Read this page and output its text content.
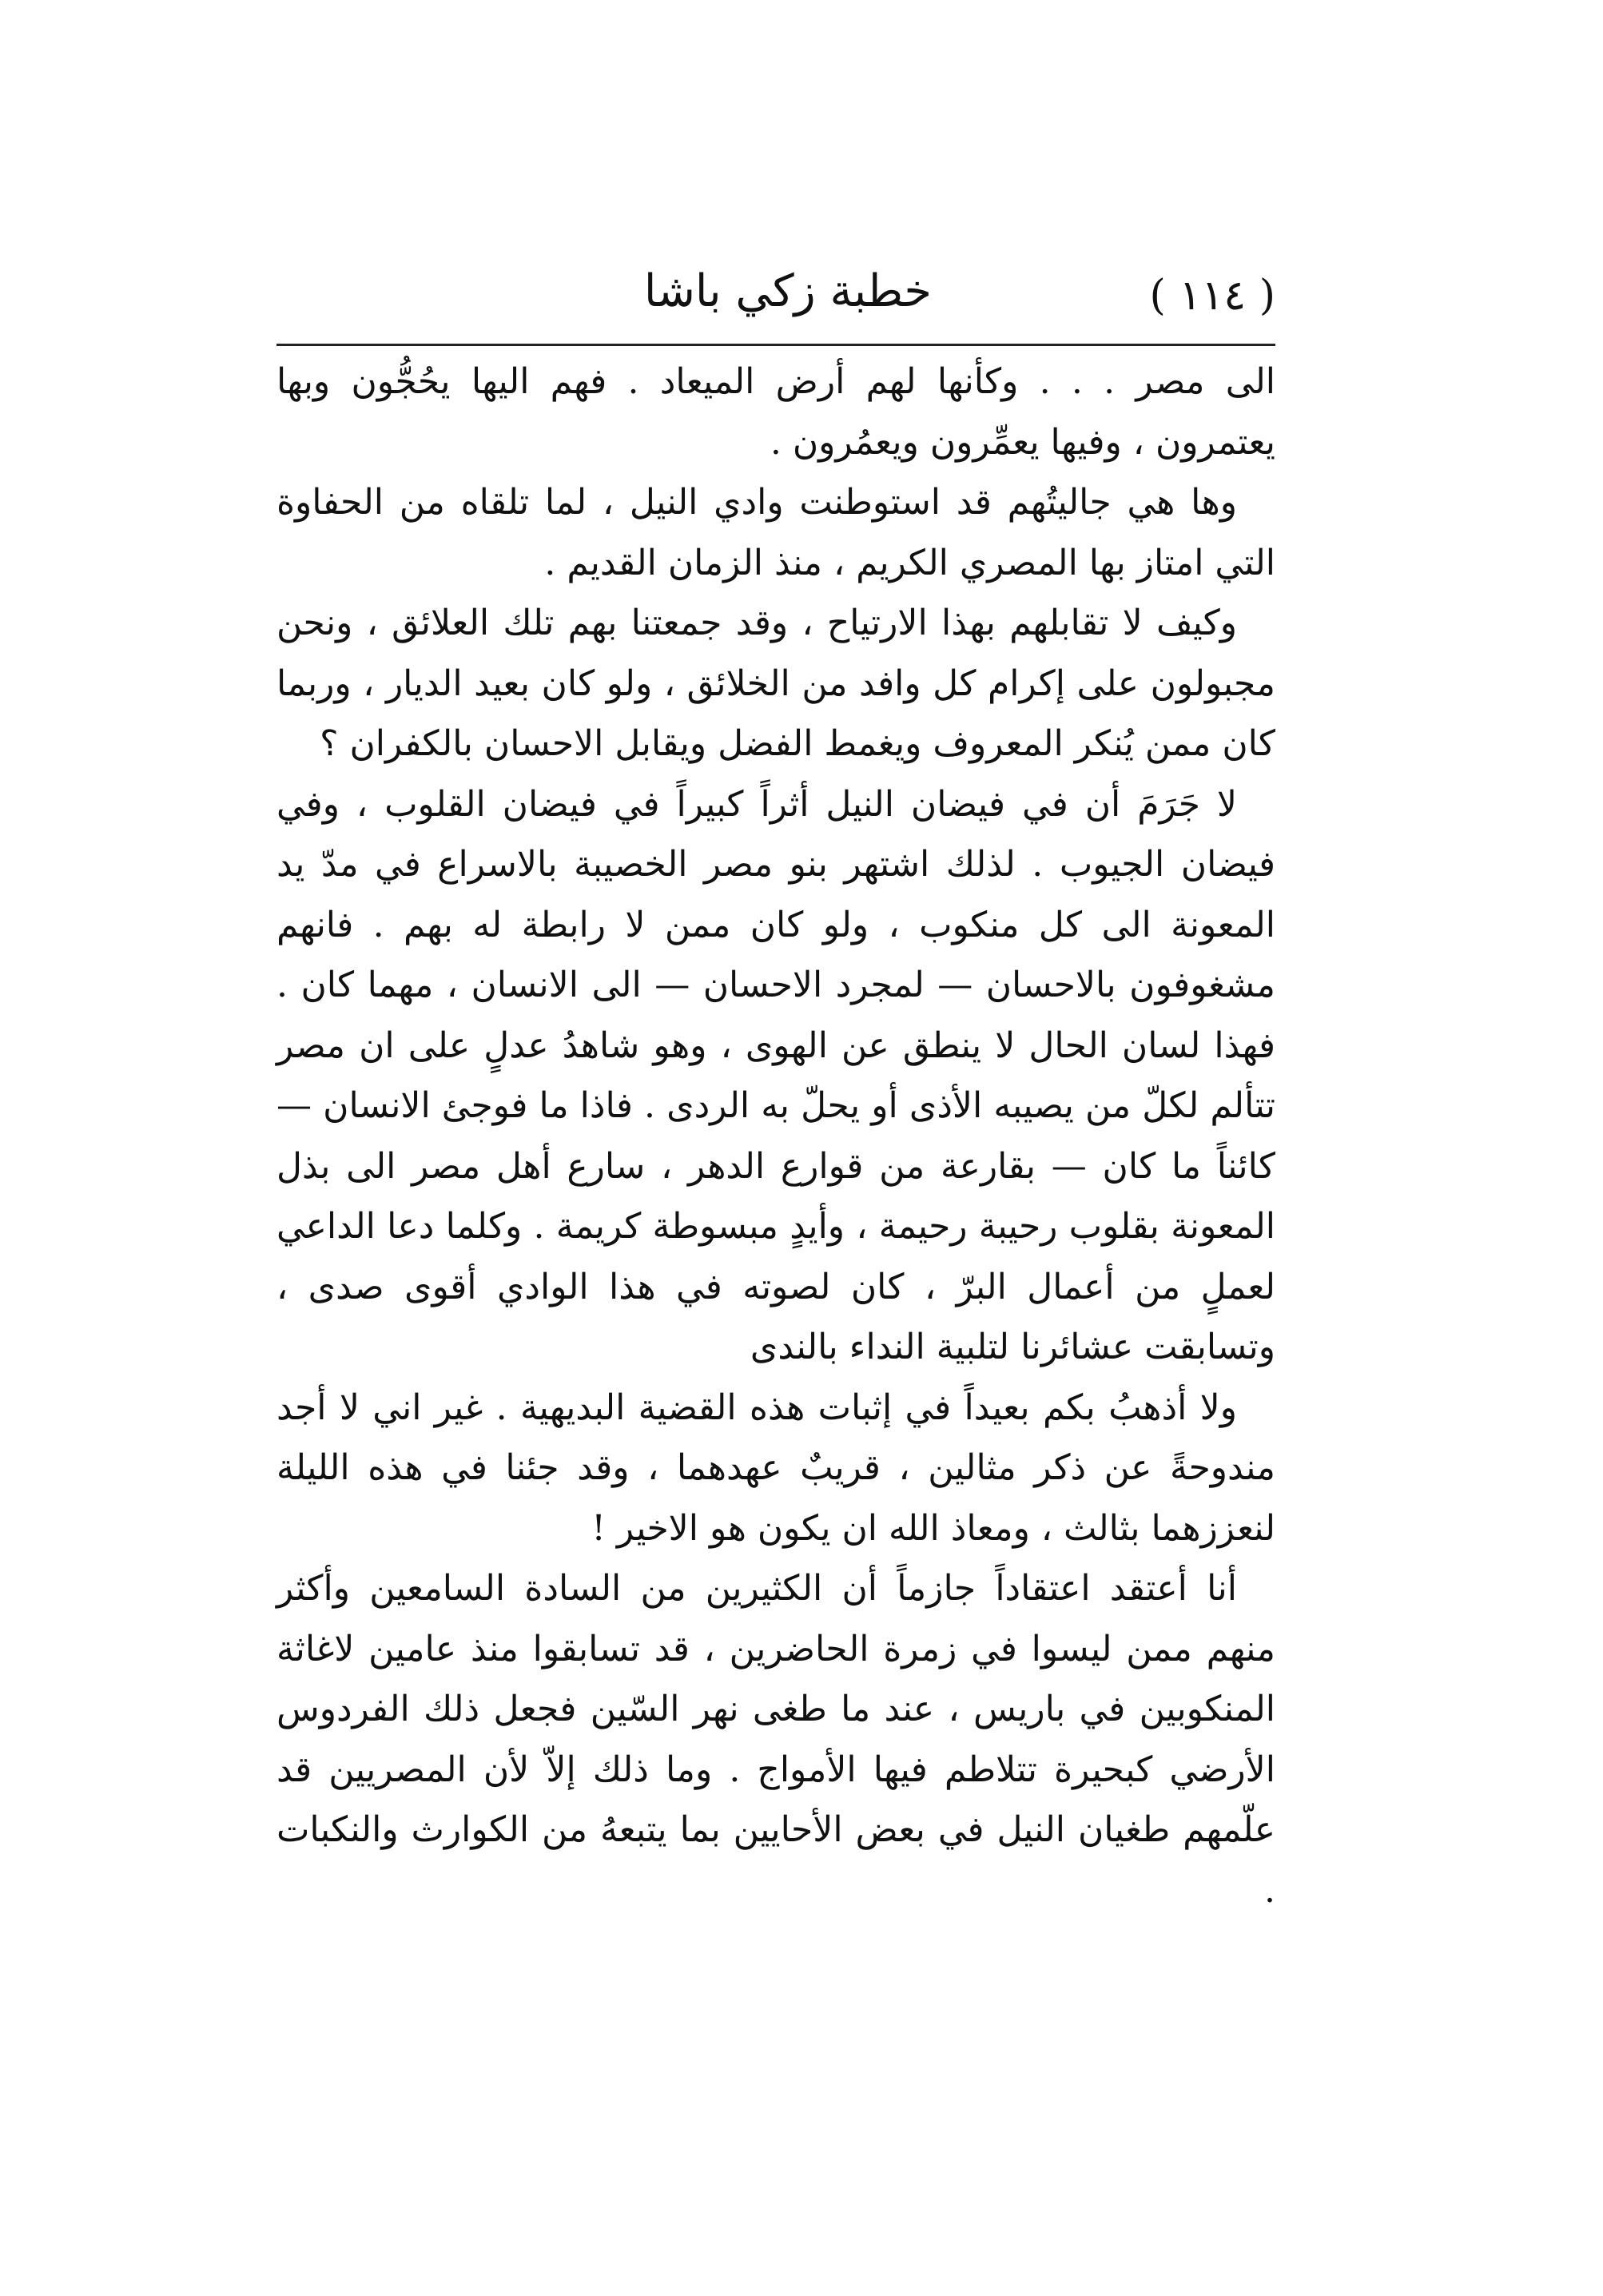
( ١١٤ )
خطبة زكي باشا

الى مصر . . . وكأنها لهم أرض الميعاد . فهم اليها يحُجُّون وبها يعتمرون ، وفيها يعمِّرون ويعمُرون .

وها هي جاليتُهم قد استوطنت وادي النيل ، لما تلقاه من الحفاوة التي امتاز بها المصري الكريم ، منذ الزمان القديم .

وكيف لا تقابلهم بهذا الارتياح ، وقد جمعتنا بهم تلك العلائق ، ونحن مجبولون على إكرام كل وافد من الخلائق ، ولو كان بعيد الديار ، وربما كان ممن يُنكر المعروف ويغمط الفضل ويقابل الاحسان بالكفران ؟

لا جَرَمَ أن في فيضان النيل أثراً كبيراً في فيضان القلوب ، وفي فيضان الجيوب . لذلك اشتهر بنو مصر الخصيبة بالاسراع في مدّ يد المعونة الى كل منكوب ، ولو كان ممن لا رابطة له بهم . فانهم مشغوفون بالاحسان — لمجرد الاحسان — الى الانسان ، مهما كان . فهذا لسان الحال لا ينطق عن الهوى ، وهو شاهدُ عدلٍ على ان مصر تتألم لكلّ من يصيبه الأذى أو يحلّ به الردى . فاذا ما فوجئ الانسان — كائناً ما كان — بقارعة من قوارع الدهر ، سارع أهل مصر الى بذل المعونة بقلوب رحيبة رحيمة ، وأيدٍ مبسوطة كريمة . وكلما دعا الداعي لعملٍ من أعمال البرّ ، كان لصوته في هذا الوادي أقوى صدى ، وتسابقت عشائرنا لتلبية النداء بالندى

ولا أذهبُ بكم بعيداً في إثبات هذه القضية البديهية . غير اني لا أجد مندوحةً عن ذكر مثالين ، قريبٌ عهدهما ، وقد جئنا في هذه الليلة لنعززهما بثالث ، ومعاذ الله ان يكون هو الاخير !

أنا أعتقد اعتقاداً جازماً أن الكثيرين من السادة السامعين وأكثر منهم ممن ليسوا في زمرة الحاضرين ، قد تسابقوا منذ عامين لاغاثة المنكوبين في باريس ، عند ما طغى نهر السّين فجعل ذلك الفردوس الأرضي كبحيرة تتلاطم فيها الأمواج . وما ذلك إلاّ لأن المصريين قد علّمهم طغيان النيل في بعض الأحايين بما يتبعهُ من الكوارث والنكبات .
